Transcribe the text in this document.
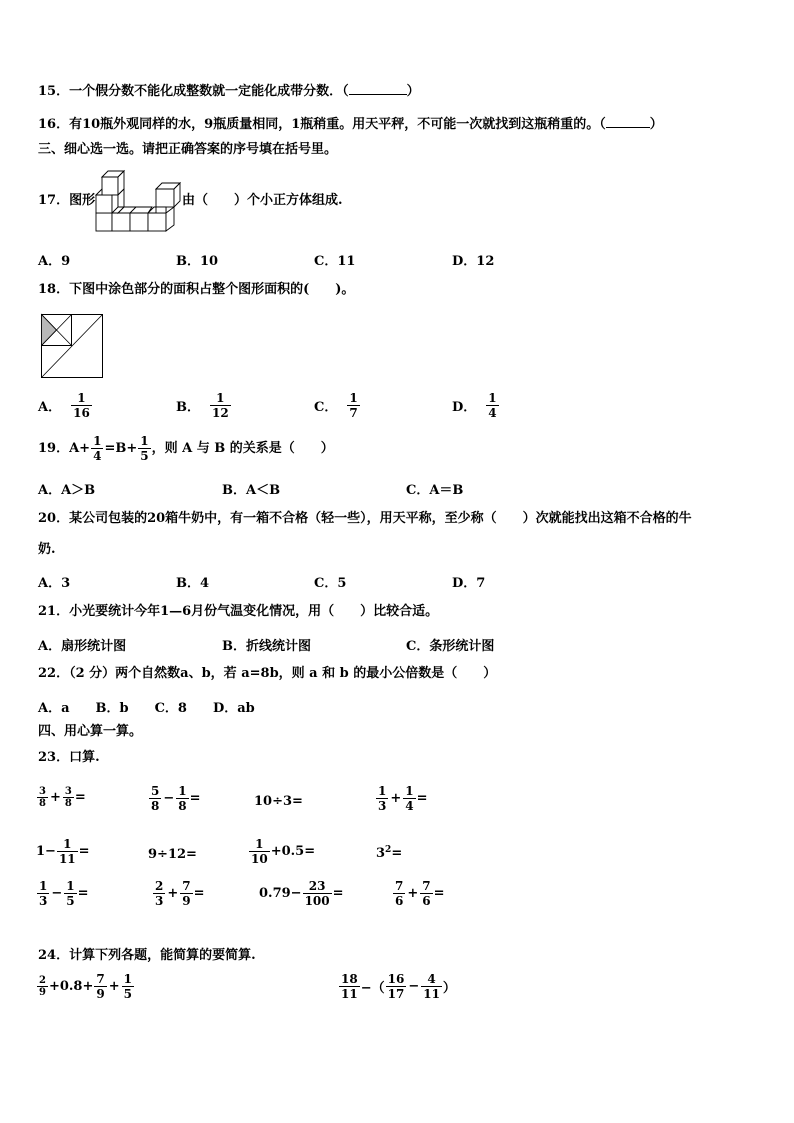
15．一个假分数不能化成整数就一定能化成带分数．（	）
16．有10瓶外观同样的水，9瓶质量相同，1瓶稍重。用天平秤，不可能一次就找到这瓶稍重的。（	）
三、细心选一选。请把正确答案的序号填在括号里。
17．图形	由（　　）个小正方体组成.
A．9	B．10	C．11	D．12
18．下图中涂色部分的面积占整个图形面积的(　　)。
A． $\frac{1}{16}$	B． $\frac{1}{12}$	C． $\frac{1}{7}$	D． $\frac{1}{4}$
19． $A+ \frac{1}{4} =B+ \frac{1}{5}$ ，则 A 与 B 的关系是（　　）
A．A＞B	B．A＜B	C．A＝B
20．某公司包装的20箱牛奶中，有一箱不合格（轻一些），用天平称，至少称（　　）次就能找出这箱不合格的牛
奶.
A．3	B．4	C．5	D．7
21．小光要统计今年1—6月份气温变化情况，用（　　）比较合适。
A．扇形统计图	B．折线统计图	C．条形统计图
22．（2 分）两个自然数a、b，若 a=8b，则 a 和 b 的最小公倍数是（　　）
A．a　　B．b　　C．8　　D．ab
四、用心算一算。
23．口算.
$\frac{3}{8} + \frac{3}{8}$ =	$\frac{5}{8} - \frac{1}{8}$ =	10÷3=	$\frac{1}{3} + \frac{1}{4}$ =
$1- \frac{1}{11}$ =	9÷12=	$\frac{1}{10} +0.5=$	$3^2$ =
$\frac{1}{3} - \frac{1}{5}$ =	$\frac{2}{3} + \frac{7}{9}$ =	$0.79- \frac{23}{100}$ =	$\frac{7}{6} + \frac{7}{6}$ =
24．计算下列各题，能简算的要简算.
$\frac{2}{9} +0.8+ \frac{7}{9} + \frac{1}{5}$	$\frac{18}{11}$ −（ $\frac{16}{17} - \frac{4}{11}$ ）
